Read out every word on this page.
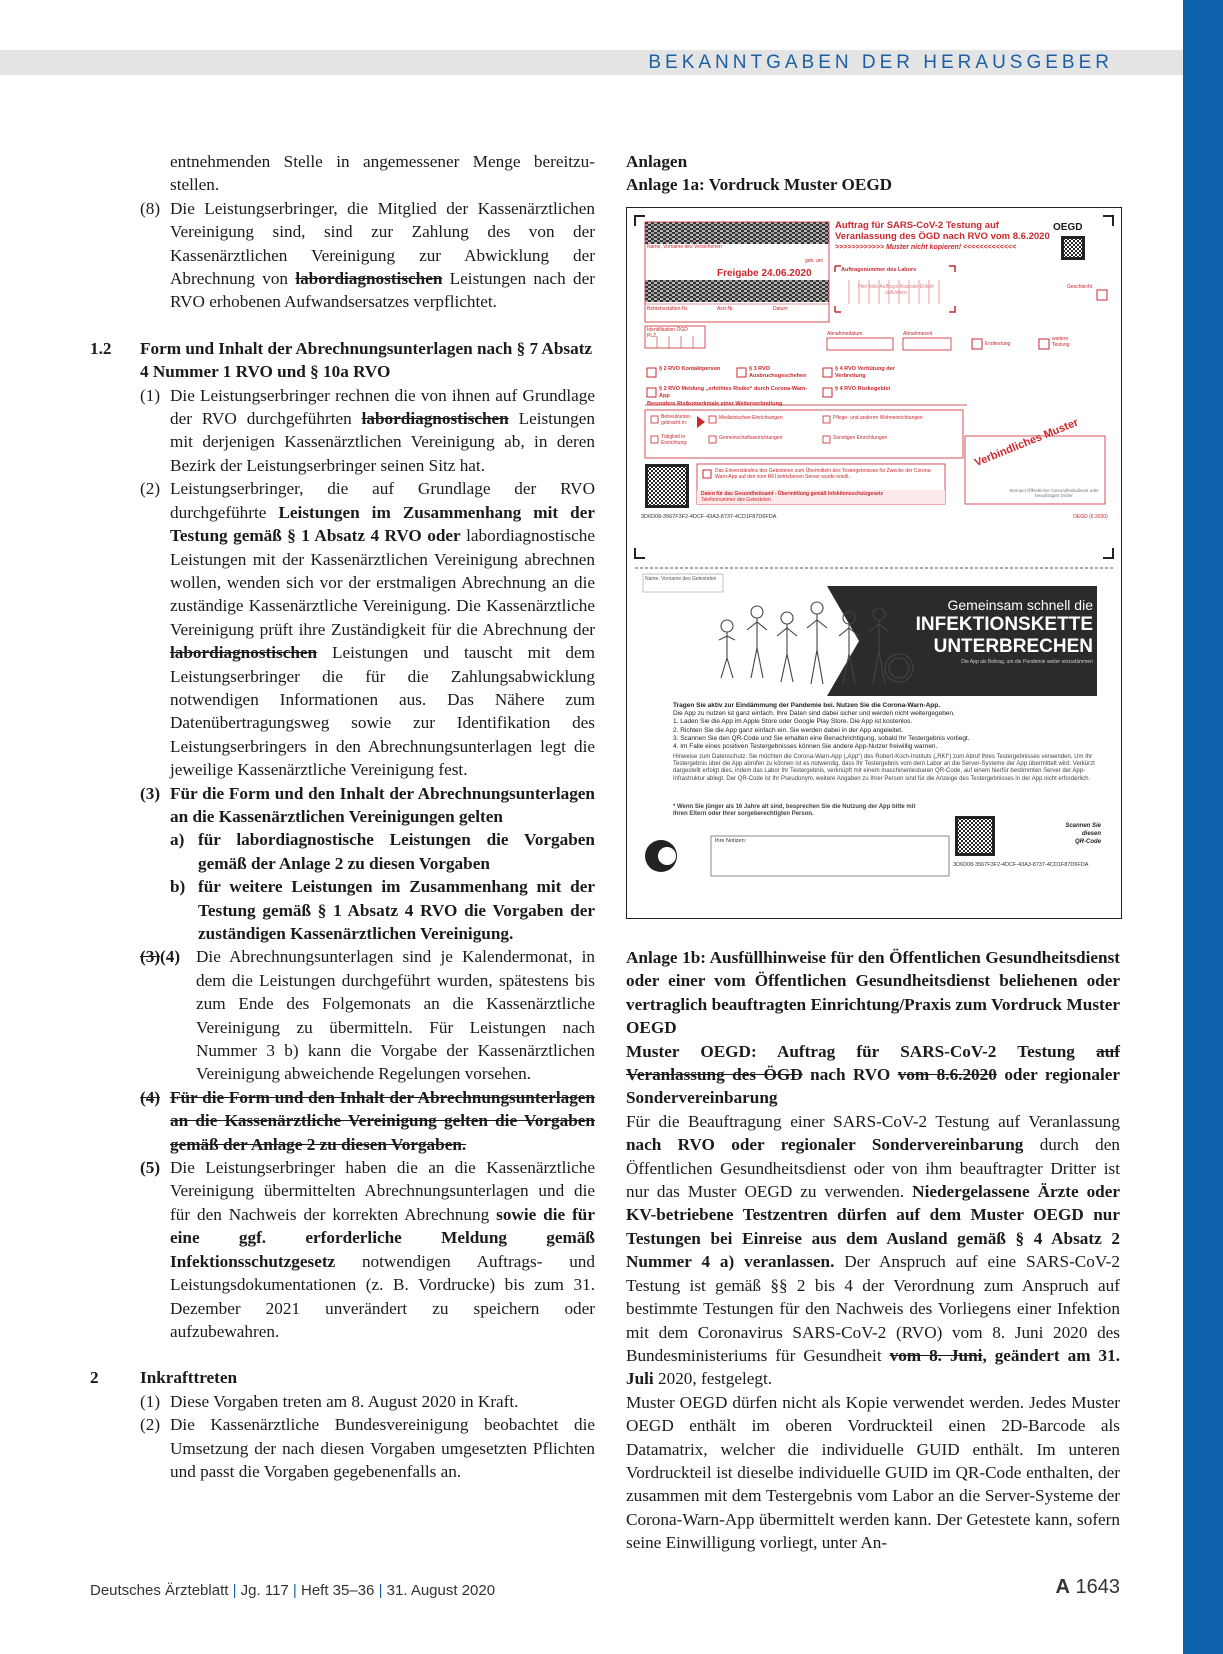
BEKANNTGABEN DER HERAUSGEBER

entnehmenden Stelle in angemessener Menge bereitzu-stellen.

(8) Die Leistungserbringer, die Mitglied der Kassenärztlichen Vereinigung sind, sind zur Zahlung des von der Kassenärztlichen Vereinigung zur Abwicklung der Abrechnung von labordiagnostischen Leistungen nach der RVO erhobenen Aufwandsersatzes verpflichtet.
1.2	Form und Inhalt der Abrechnungsunterlagen nach § 7 Absatz 4 Nummer 1 RVO und § 10a RVO
(1) Die Leistungserbringer rechnen die von ihnen auf Grundlage der RVO durchgeführten labordiagnostischen Leistungen mit derjenigen Kassenärztlichen Vereinigung ab, in deren Bezirk der Leistungserbringer seinen Sitz hat.
(2) Leistungserbringer, die auf Grundlage der RVO durchgeführte Leistungen im Zusammenhang mit der Testung gemäß § 1 Absatz 4 RVO oder labordiagnostische Leistungen mit der Kassenärztlichen Vereinigung abrechnen wollen, wenden sich vor der erstmaligen Abrechnung an die zuständige Kassenärztliche Vereinigung. Die Kassenärztliche Vereinigung prüft ihre Zuständigkeit für die Abrechnung der labordiagnostischen Leistungen und tauscht mit dem Leistungserbringer die für die Zahlungsabwicklung notwendigen Informationen aus. Das Nähere zum Datenübertragungsweg sowie zur Identifikation des Leistungserbringers in den Abrechnungsunterlagen legt die jeweilige Kassenärztliche Vereinigung fest.
(3) Für die Form und den Inhalt der Abrechnungsunterlagen an die Kassenärztlichen Vereinigungen gelten
a) für labordiagnostische Leistungen die Vorgaben gemäß der Anlage 2 zu diesen Vorgaben
b) für weitere Leistungen im Zusammenhang mit der Testung gemäß § 1 Absatz 4 RVO die Vorgaben der zuständigen Kassenärztlichen Vereinigung.
(3)(4) Die Abrechnungsunterlagen sind je Kalendermonat, in dem die Leistungen durchgeführt wurden, spätestens bis zum Ende des Folgemonats an die Kassenärztliche Vereinigung zu übermitteln. Für Leistungen nach Nummer 3 b) kann die Vorgabe der Kassenärztlichen Vereinigung abweichende Regelungen vorsehen.
(4) Für die Form und den Inhalt der Abrechnungsunterlagen an die Kassenärztliche Vereinigung gelten die Vorgaben gemäß der Anlage 2 zu diesen Vorgaben.
(5) Die Leistungserbringer haben die an die Kassenärztliche Vereinigung übermittelten Abrechnungsunterlagen und die für den Nachweis der korrekten Abrechnung sowie die für eine ggf. erforderliche Meldung gemäß Infektionsschutzgesetz notwendigen Auftrags- und Leistungsdokumentationen (z. B. Vordrucke) bis zum 31. Dezember 2021 unverändert zu speichern oder aufzubewahren.
2	Inkrafttreten
(1) Diese Vorgaben treten am 8. August 2020 in Kraft.
(2) Die Kassenärztliche Bundesvereinigung beobachtet die Umsetzung der nach diesen Vorgaben umgesetzten Pflichten und passt die Vorgaben gegebenenfalls an.

Anlagen

Anlage 1a: Vordruck Muster OEGD

Auftrag für SARS-CoV-2 Testung auf
Veranlassung des ÖGD nach RVO vom 8.6.2020
>>>>>>>>>>>> Muster nicht kopieren! <<<<<<<<<<<<<
OEGD
Freigabe 24.06.2020
Name, Vorname des Versicherten
geb. am
Auftragsnummer des Labors
Hier bitte Auftrags-Barcode-Etikett aufkleben
Geschlecht
Betriebsstätten-Nr.	Arzt-Nr.	Datum
Identifikation ÖGD
PLZ	Abnahmedatum	Abnahmezeit
Ersttestung
weitere Testung
§ 2 RVO Kontaktperson	§ 3 RVO Ausbruchsgeschehen
§ 4 RVO Verhütung der Verbreitung
§ 2 RVO Meldung „erhöhtes Risiko“ durch Corona-Warn-App
§ 4 RVO Risikogebiet
Besondere Risikomerkmale einer Weiterverbreitung
Betreut/unter-gebracht in:
Tätigkeit in Einrichtung:
Medizinischen Einrichtungen
Gemeinschaftseinrichtungen
Pflege- und anderen Wohneinrichtungen
Sonstigen Einrichtungen
Das Einverständnis des Getesteten zum Übermitteln des Testergebnisses für Zwecke der Corona-Warn-App auf den vom RKI betriebenen Server wurde erteilt.
Daten für das Gesundheitsamt - Übermittlung gemäß Infektionsschutzgesetz
Telefonnummer des Getesteten
Verbindliches Muster
Stempel Öffentlicher Gesundheitsdienst oder beauftragter Dritter
3D6D08-3567F3F2-4DCF-43A3-8737-4CD1F87D6FDA	OEGD (6.2020)
Name, Vorname des Getesteten
Gemeinsam schnell die
INFEKTIONSKETTE
UNTERBRECHEN
Die App als Beitrag, um die Pandemie weiter einzudämmen
Tragen Sie aktiv zur Eindämmung der Pandemie bei. Nutzen Sie die Corona-Warn-App.
Die App zu nutzen ist ganz einfach. Ihre Daten sind dabei sicher und werden nicht weitergegeben.
1. Laden Sie die App im Apple Store oder Google Play Store. Die App ist kostenlos.
2. Richten Sie die App ganz einfach ein. Sie werden dabei in der App angeleitet.
3. Scannen Sie den QR-Code und Sie erhalten eine Benachrichtigung, sobald Ihr Testergebnis vorliegt.
4. Im Falle eines positiven Testergebnisses können Sie andere App-Nutzer freiwillig warnen.
Hinweise zum Datenschutz: Sie möchten die Corona-Warn-App („App“) des Robert-Koch-Instituts („RKI“) zum Abruf Ihres Testergebnisses verwenden. Um Ihr Testergebnis über die App abrufen zu können ist es notwendig, dass Ihr Testergebnis vom dem Labor an die Server-Systeme der App übermittelt wird. Verkürzt dargestellt erfolgt dies, indem das Labor Ihr Testergebnis, verknüpft mit einem maschinenlesbaren QR-Code, auf einem hierfür bestimmten Server der App-Infrastruktur ablegt. Der QR-Code ist Ihr Pseudonym, weitere Angaben zu Ihrer Person sind für die Anzeige des Testergebnisses in der App nicht erforderlich.
* Wenn Sie jünger als 16 Jahre alt sind, besprechen Sie die Nutzung der App bitte mit Ihren Eltern oder Ihrer sorgeberechtigten Person.
Ihre Notizen:
Scannen Sie
diesen
QR-Code
3D6D08-3567F3F2-4DCF-43A3-8737-4CD1F87D6FDA

Anlage 1b: Ausfüllhinweise für den Öffentlichen Gesundheitsdienst oder einer vom Öffentlichen Gesundheitsdienst beliehenen oder vertraglich beauftragten Einrichtung/Praxis zum Vordruck Muster OEGD

Muster OEGD: Auftrag für SARS-CoV-2 Testung auf Veranlassung des ÖGD nach RVO vom 8.6.2020 oder regionaler Sondervereinbarung

Für die Beauftragung einer SARS-CoV-2 Testung auf Veranlassung nach RVO oder regionaler Sondervereinbarung durch den Öffentlichen Gesundheitsdienst oder von ihm beauftragter Dritter ist nur das Muster OEGD zu verwenden. Niedergelassene Ärzte oder KV-betriebene Testzentren dürfen auf dem Muster OEGD nur Testungen bei Einreise aus dem Ausland gemäß § 4 Absatz 2 Nummer 4 a) veranlassen. Der Anspruch auf eine SARS-CoV-2 Testung ist gemäß §§ 2 bis 4 der Verordnung zum Anspruch auf bestimmte Testungen für den Nachweis des Vorliegens einer Infektion mit dem Coronavirus SARS-CoV-2 (RVO) vom 8. Juni 2020 des Bundesministeriums für Gesundheit vom 8. Juni, geändert am 31. Juli 2020, festgelegt.

Muster OEGD dürfen nicht als Kopie verwendet werden. Jedes Muster OEGD enthält im oberen Vordruckteil einen 2D-Barcode als Datamatrix, welcher die individuelle GUID enthält. Im unteren Vordruckteil ist dieselbe individuelle GUID im QR-Code enthalten, der zusammen mit dem Testergebnis vom Labor an die Server-Systeme der Corona-Warn-App übermittelt werden kann. Der Getestete kann, sofern seine Einwilligung vorliegt, unter An-

Deutsches Ärzteblatt | Jg. 117 | Heft 35–36 | 31. August 2020	A 1643
